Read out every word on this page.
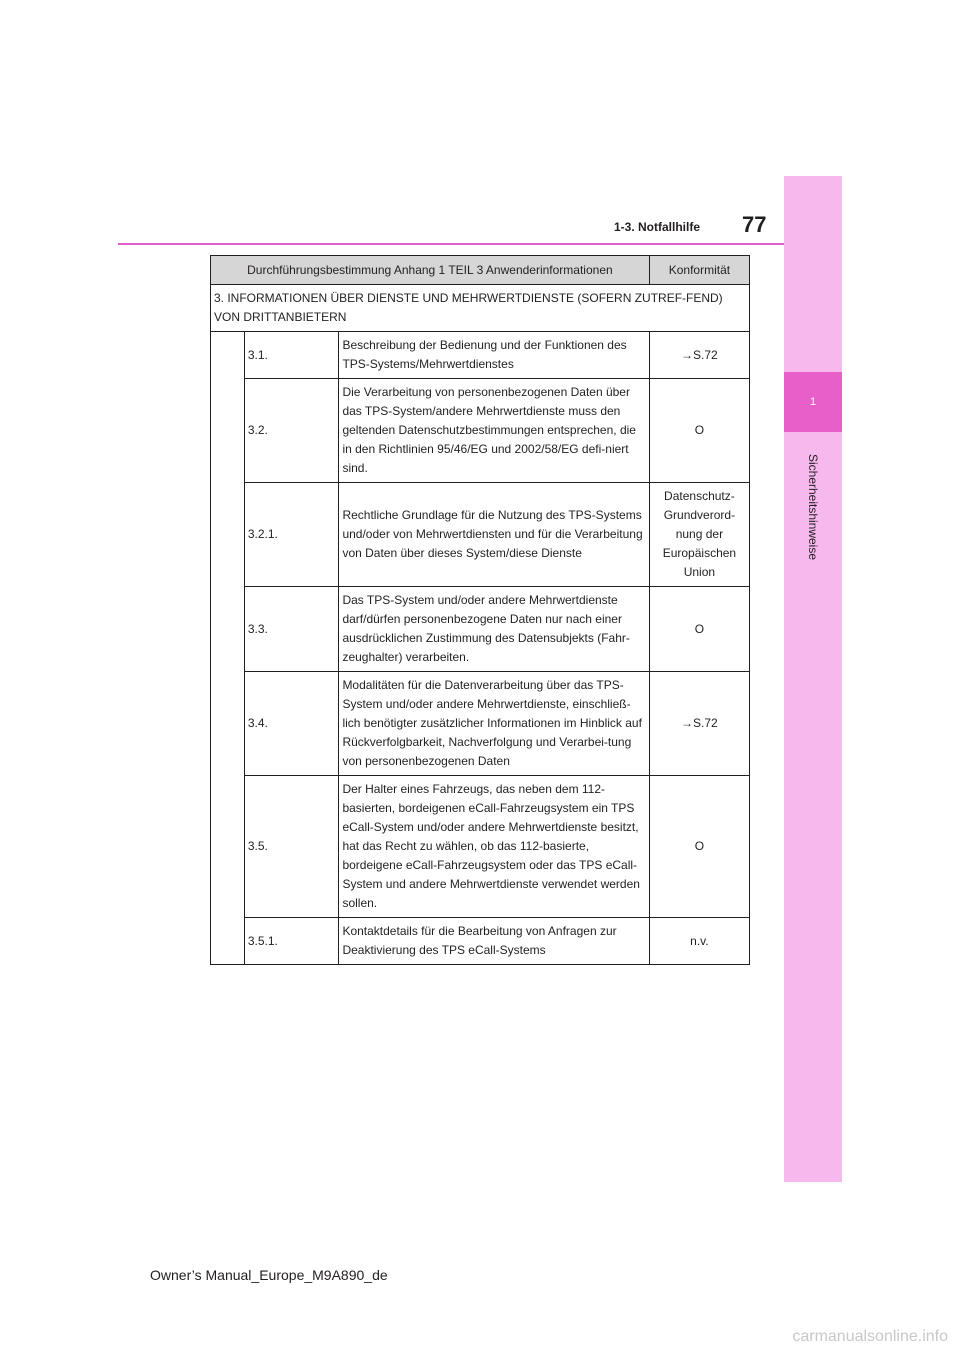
1
Sicherheitshinweise
77
1-3. Notfallhilfe
Durchführungsbestimmung Anhang 1 TEIL 3 Anwenderinformationen			Konformität
3. INFORMATIONEN ÜBER DIENSTE UND MEHRWERTDIENSTE (SOFERN ZUTREF-FEND) VON DRITTANBIETERN			
	3.1.	Beschreibung der Bedienung und der Funktionen des TPS-Systems/Mehrwertdienstes	→S.72
	3.2.	Die Verarbeitung von personenbezogenen Daten über das TPS-System/andere Mehrwertdienste muss den geltenden Datenschutzbestimmungen entsprechen, die in den Richtlinien 95/46/EG und 2002/58/EG defi-niert sind.	O
	3.2.1.	Rechtliche Grundlage für die Nutzung des TPS-Systems und/oder von Mehrwertdiensten und für die Verarbeitung von Daten über dieses System/diese Dienste	Datenschutz-Grundverord-nung der Europäischen Union
	3.3.	Das TPS-System und/oder andere Mehrwertdienste darf/dürfen personenbezogene Daten nur nach einer ausdrücklichen Zustimmung des Datensubjekts (Fahr-zeughalter) verarbeiten.	O
	3.4.	Modalitäten für die Datenverarbeitung über das TPS-System und/oder andere Mehrwertdienste, einschließ-lich benötigter zusätzlicher Informationen im Hinblick auf Rückverfolgbarkeit, Nachverfolgung und Verarbei-tung von personenbezogenen Daten	→S.72
	3.5.	Der Halter eines Fahrzeugs, das neben dem 112-basierten, bordeigenen eCall-Fahrzeugsystem ein TPS eCall-System und/oder andere Mehrwertdienste besitzt, hat das Recht zu wählen, ob das 112-basierte, bordeigene eCall-Fahrzeugsystem oder das TPS eCall-System und andere Mehrwertdienste verwendet werden sollen.	O
	3.5.1.	Kontaktdetails für die Bearbeitung von Anfragen zur Deaktivierung des TPS eCall-Systems	n.v.
Owner’s Manual_Europe_M9A890_de
carmanualsonline.info
